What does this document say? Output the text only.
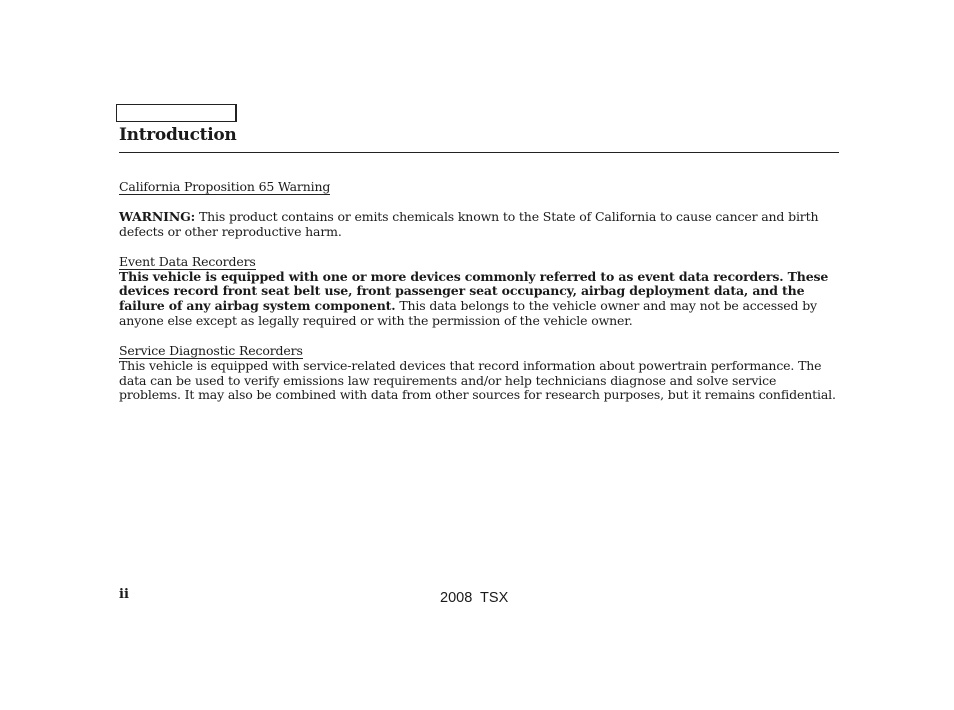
Introduction
California Proposition 65 Warning

WARNING: This product contains or emits chemicals known to the State of California to cause cancer and birth defects or other reproductive harm.

Event Data Recorders

This vehicle is equipped with one or more devices commonly referred to as event data recorders. These devices record front seat belt use, front passenger seat occupancy, airbag deployment data, and the failure of any airbag system component. This data belongs to the vehicle owner and may not be accessed by anyone else except as legally required or with the permission of the vehicle owner.

Service Diagnostic Recorders

This vehicle is equipped with service-related devices that record information about powertrain performance. The data can be used to verify emissions law requirements and/or help technicians diagnose and solve service problems. It may also be combined with data from other sources for research purposes, but it remains confidential.

ii	2008  TSX
